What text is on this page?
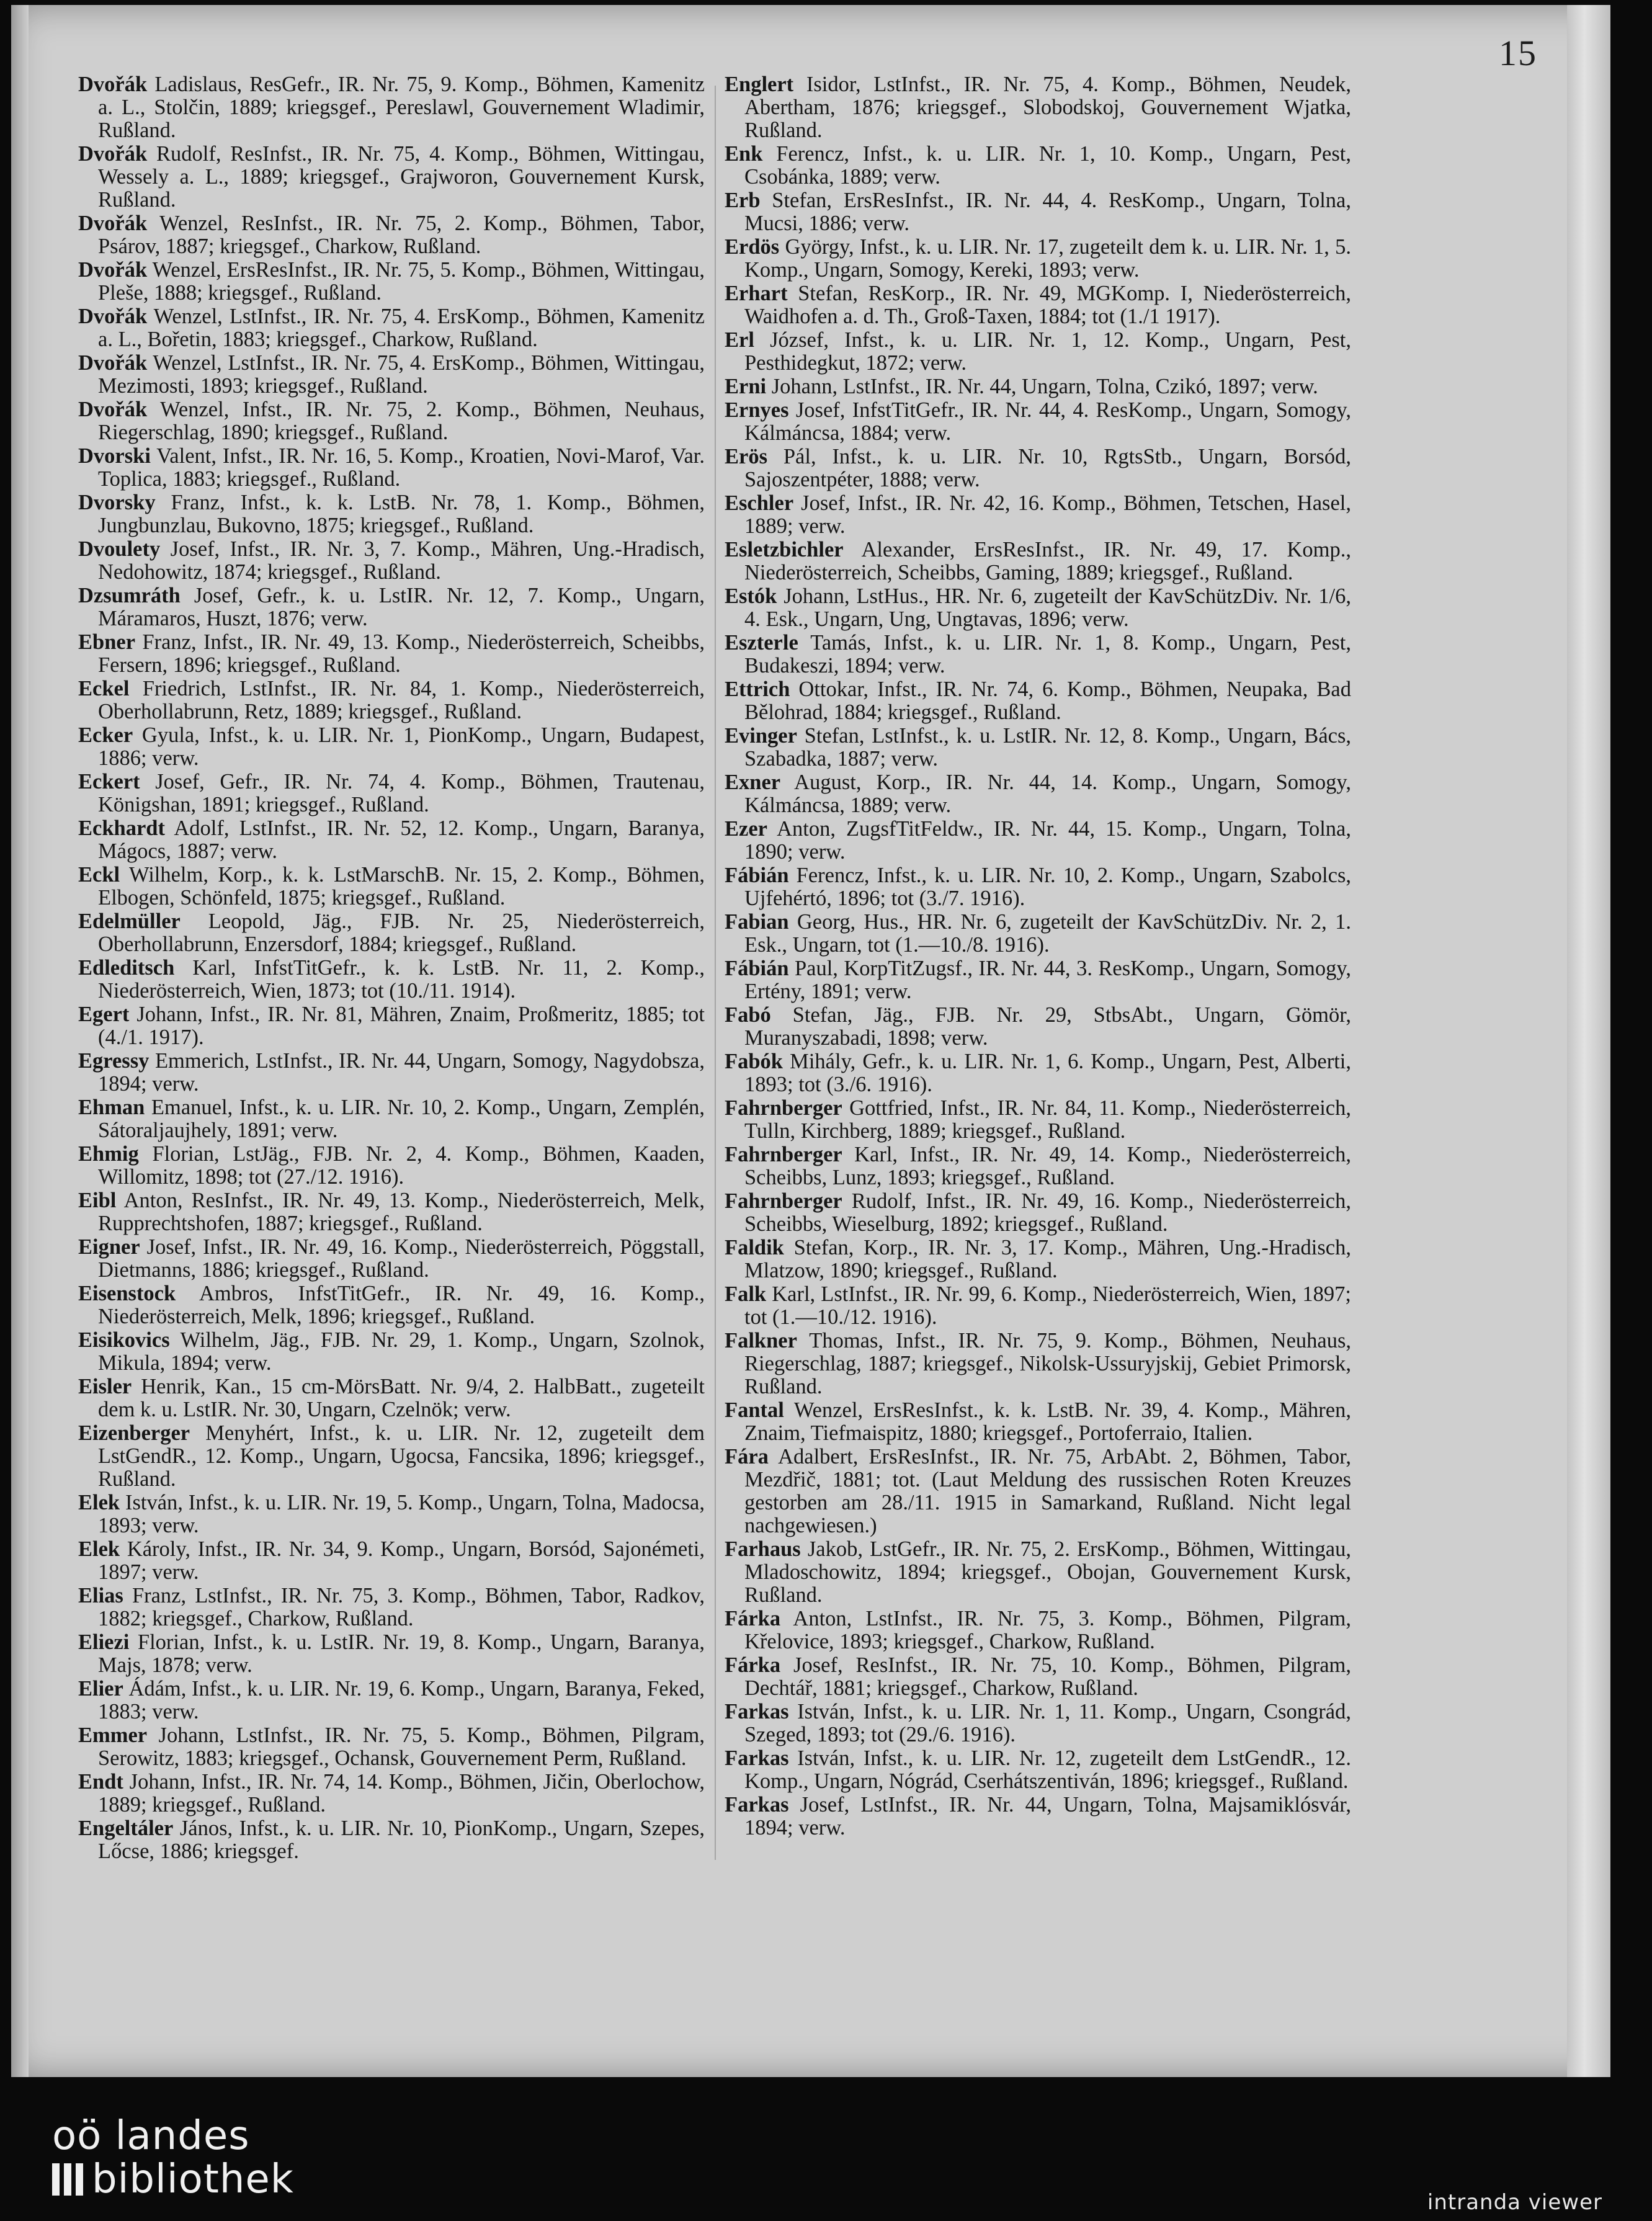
15
Dvořák Ladislaus, ResGefr., IR. Nr. 75, 9. Komp., Böhmen, Kamenitz a. L., Stolčin, 1889; kriegsgef., Pereslawl, Gouvernement Wladimir, Rußland.
Dvořák Rudolf, ResInfst., IR. Nr. 75, 4. Komp., Böhmen, Wittingau, Wessely a. L., 1889; kriegsgef., Grajworon, Gouvernement Kursk, Rußland.
Dvořák Wenzel, ResInfst., IR. Nr. 75, 2. Komp., Böhmen, Tabor, Psárov, 1887; kriegsgef., Charkow, Rußland.
Dvořák Wenzel, ErsResInfst., IR. Nr. 75, 5. Komp., Böhmen, Wittingau, Pleše, 1888; kriegsgef., Rußland.
Dvořák Wenzel, LstInfst., IR. Nr. 75, 4. ErsKomp., Böhmen, Kamenitz a. L., Bořetin, 1883; kriegsgef., Charkow, Rußland.
Dvořák Wenzel, LstInfst., IR. Nr. 75, 4. ErsKomp., Böhmen, Wittingau, Mezimosti, 1893; kriegsgef., Rußland.
Dvořák Wenzel, Infst., IR. Nr. 75, 2. Komp., Böhmen, Neuhaus, Riegerschlag, 1890; kriegsgef., Rußland.
Dvorski Valent, Infst., IR. Nr. 16, 5. Komp., Kroatien, Novi-Marof, Var. Toplica, 1883; kriegsgef., Rußland.
Dvorsky Franz, Infst., k. k. LstB. Nr. 78, 1. Komp., Böhmen, Jungbunzlau, Bukovno, 1875; kriegsgef., Rußland.
Dvoulety Josef, Infst., IR. Nr. 3, 7. Komp., Mähren, Ung.-Hradisch, Nedohowitz, 1874; kriegsgef., Rußland.
Dzsumráth Josef, Gefr., k. u. LstIR. Nr. 12, 7. Komp., Ungarn, Máramaros, Huszt, 1876; verw.
Ebner Franz, Infst., IR. Nr. 49, 13. Komp., Niederösterreich, Scheibbs, Fersern, 1896; kriegsgef., Rußland.
Eckel Friedrich, LstInfst., IR. Nr. 84, 1. Komp., Niederösterreich, Oberhollabrunn, Retz, 1889; kriegsgef., Rußland.
Ecker Gyula, Infst., k. u. LIR. Nr. 1, PionKomp., Ungarn, Budapest, 1886; verw.
Eckert Josef, Gefr., IR. Nr. 74, 4. Komp., Böhmen, Trautenau, Königshan, 1891; kriegsgef., Rußland.
Eckhardt Adolf, LstInfst., IR. Nr. 52, 12. Komp., Ungarn, Baranya, Mágocs, 1887; verw.
Eckl Wilhelm, Korp., k. k. LstMarschB. Nr. 15, 2. Komp., Böhmen, Elbogen, Schönfeld, 1875; kriegsgef., Rußland.
Edelmüller Leopold, Jäg., FJB. Nr. 25, Niederösterreich, Oberhollabrunn, Enzersdorf, 1884; kriegsgef., Rußland.
Edleditsch Karl, InfstTitGefr., k. k. LstB. Nr. 11, 2. Komp., Niederösterreich, Wien, 1873; tot (10./11. 1914).
Egert Johann, Infst., IR. Nr. 81, Mähren, Znaim, Proßmeritz, 1885; tot (4./1. 1917).
Egressy Emmerich, LstInfst., IR. Nr. 44, Ungarn, Somogy, Nagydobsza, 1894; verw.
Ehman Emanuel, Infst., k. u. LIR. Nr. 10, 2. Komp., Ungarn, Zemplén, Sátoraljaujhely, 1891; verw.
Ehmig Florian, LstJäg., FJB. Nr. 2, 4. Komp., Böhmen, Kaaden, Willomitz, 1898; tot (27./12. 1916).
Eibl Anton, ResInfst., IR. Nr. 49, 13. Komp., Niederösterreich, Melk, Rupprechtshofen, 1887; kriegsgef., Rußland.
Eigner Josef, Infst., IR. Nr. 49, 16. Komp., Niederösterreich, Pöggstall, Dietmanns, 1886; kriegsgef., Rußland.
Eisenstock Ambros, InfstTitGefr., IR. Nr. 49, 16. Komp., Niederösterreich, Melk, 1896; kriegsgef., Rußland.
Eisikovics Wilhelm, Jäg., FJB. Nr. 29, 1. Komp., Ungarn, Szolnok, Mikula, 1894; verw.
Eisler Henrik, Kan., 15 cm-MörsBatt. Nr. 9/4, 2. HalbBatt., zugeteilt dem k. u. LstIR. Nr. 30, Ungarn, Czelnök; verw.
Eizenberger Menyhért, Infst., k. u. LIR. Nr. 12, zugeteilt dem LstGendR., 12. Komp., Ungarn, Ugocsa, Fancsika, 1896; kriegsgef., Rußland.
Elek István, Infst., k. u. LIR. Nr. 19, 5. Komp., Ungarn, Tolna, Madocsa, 1893; verw.
Elek Károly, Infst., IR. Nr. 34, 9. Komp., Ungarn, Borsód, Sajonémeti, 1897; verw.
Elias Franz, LstInfst., IR. Nr. 75, 3. Komp., Böhmen, Tabor, Radkov, 1882; kriegsgef., Charkow, Rußland.
Eliezi Florian, Infst., k. u. LstIR. Nr. 19, 8. Komp., Ungarn, Baranya, Majs, 1878; verw.
Elier Ádám, Infst., k. u. LIR. Nr. 19, 6. Komp., Ungarn, Baranya, Feked, 1883; verw.
Emmer Johann, LstInfst., IR. Nr. 75, 5. Komp., Böhmen, Pilgram, Serowitz, 1883; kriegsgef., Ochansk, Gouvernement Perm, Rußland.
Endt Johann, Infst., IR. Nr. 74, 14. Komp., Böhmen, Jičin, Oberlochow, 1889; kriegsgef., Rußland.
Engeltáler János, Infst., k. u. LIR. Nr. 10, PionKomp., Ungarn, Szepes, Lőcse, 1886; kriegsgef.
Englert Isidor, LstInfst., IR. Nr. 75, 4. Komp., Böhmen, Neudek, Abertham, 1876; kriegsgef., Slobodskoj, Gouvernement Wjatka, Rußland.
Enk Ferencz, Infst., k. u. LIR. Nr. 1, 10. Komp., Ungarn, Pest, Csobánka, 1889; verw.
Erb Stefan, ErsResInfst., IR. Nr. 44, 4. ResKomp., Ungarn, Tolna, Mucsi, 1886; verw.
Erdös György, Infst., k. u. LIR. Nr. 17, zugeteilt dem k. u. LIR. Nr. 1, 5. Komp., Ungarn, Somogy, Kereki, 1893; verw.
Erhart Stefan, ResKorp., IR. Nr. 49, MGKomp. I, Niederösterreich, Waidhofen a. d. Th., Groß-Taxen, 1884; tot (1./1 1917).
Erl József, Infst., k. u. LIR. Nr. 1, 12. Komp., Ungarn, Pest, Pesthidegkut, 1872; verw.
Erni Johann, LstInfst., IR. Nr. 44, Ungarn, Tolna, Czikó, 1897; verw.
Ernyes Josef, InfstTitGefr., IR. Nr. 44, 4. ResKomp., Ungarn, Somogy, Kálmáncsa, 1884; verw.
Erös Pál, Infst., k. u. LIR. Nr. 10, RgtsStb., Ungarn, Borsód, Sajoszentpéter, 1888; verw.
Eschler Josef, Infst., IR. Nr. 42, 16. Komp., Böhmen, Tetschen, Hasel, 1889; verw.
Esletzbichler Alexander, ErsResInfst., IR. Nr. 49, 17. Komp., Niederösterreich, Scheibbs, Gaming, 1889; kriegsgef., Rußland.
Estók Johann, LstHus., HR. Nr. 6, zugeteilt der KavSchützDiv. Nr. 1/6, 4. Esk., Ungarn, Ung, Ungtavas, 1896; verw.
Eszterle Tamás, Infst., k. u. LIR. Nr. 1, 8. Komp., Ungarn, Pest, Budakeszi, 1894; verw.
Ettrich Ottokar, Infst., IR. Nr. 74, 6. Komp., Böhmen, Neupaka, Bad Bělohrad, 1884; kriegsgef., Rußland.
Evinger Stefan, LstInfst., k. u. LstIR. Nr. 12, 8. Komp., Ungarn, Bács, Szabadka, 1887; verw.
Exner August, Korp., IR. Nr. 44, 14. Komp., Ungarn, Somogy, Kálmáncsa, 1889; verw.
Ezer Anton, ZugsfTitFeldw., IR. Nr. 44, 15. Komp., Ungarn, Tolna, 1890; verw.
Fábián Ferencz, Infst., k. u. LIR. Nr. 10, 2. Komp., Ungarn, Szabolcs, Ujfehértó, 1896; tot (3./7. 1916).
Fabian Georg, Hus., HR. Nr. 6, zugeteilt der KavSchützDiv. Nr. 2, 1. Esk., Ungarn, tot (1.—10./8. 1916).
Fábián Paul, KorpTitZugsf., IR. Nr. 44, 3. ResKomp., Ungarn, Somogy, Ertény, 1891; verw.
Fabó Stefan, Jäg., FJB. Nr. 29, StbsAbt., Ungarn, Gömör, Muranyszabadi, 1898; verw.
Fabók Mihály, Gefr., k. u. LIR. Nr. 1, 6. Komp., Ungarn, Pest, Alberti, 1893; tot (3./6. 1916).
Fahrnberger Gottfried, Infst., IR. Nr. 84, 11. Komp., Niederösterreich, Tulln, Kirchberg, 1889; kriegsgef., Rußland.
Fahrnberger Karl, Infst., IR. Nr. 49, 14. Komp., Niederösterreich, Scheibbs, Lunz, 1893; kriegsgef., Rußland.
Fahrnberger Rudolf, Infst., IR. Nr. 49, 16. Komp., Niederösterreich, Scheibbs, Wieselburg, 1892; kriegsgef., Rußland.
Faldik Stefan, Korp., IR. Nr. 3, 17. Komp., Mähren, Ung.-Hradisch, Mlatzow, 1890; kriegsgef., Rußland.
Falk Karl, LstInfst., IR. Nr. 99, 6. Komp., Niederösterreich, Wien, 1897; tot (1.—10./12. 1916).
Falkner Thomas, Infst., IR. Nr. 75, 9. Komp., Böhmen, Neuhaus, Riegerschlag, 1887; kriegsgef., Nikolsk-Ussuryjskij, Gebiet Primorsk, Rußland.
Fantal Wenzel, ErsResInfst., k. k. LstB. Nr. 39, 4. Komp., Mähren, Znaim, Tiefmaispitz, 1880; kriegsgef., Portoferraio, Italien.
Fára Adalbert, ErsResInfst., IR. Nr. 75, ArbAbt. 2, Böhmen, Tabor, Mezdřič, 1881; tot. (Laut Meldung des russischen Roten Kreuzes gestorben am 28./11. 1915 in Samarkand, Rußland. Nicht legal nachgewiesen.)
Farhaus Jakob, LstGefr., IR. Nr. 75, 2. ErsKomp., Böhmen, Wittingau, Mladoschowitz, 1894; kriegsgef., Obojan, Gouvernement Kursk, Rußland.
Fárka Anton, LstInfst., IR. Nr. 75, 3. Komp., Böhmen, Pilgram, Křelovice, 1893; kriegsgef., Charkow, Rußland.
Fárka Josef, ResInfst., IR. Nr. 75, 10. Komp., Böhmen, Pilgram, Dechtář, 1881; kriegsgef., Charkow, Rußland.
Farkas István, Infst., k. u. LIR. Nr. 1, 11. Komp., Ungarn, Csongrád, Szeged, 1893; tot (29./6. 1916).
Farkas István, Infst., k. u. LIR. Nr. 12, zugeteilt dem LstGendR., 12. Komp., Ungarn, Nógrád, Cserhátszentiván, 1896; kriegsgef., Rußland.
Farkas Josef, LstInfst., IR. Nr. 44, Ungarn, Tolna, Majsamiklósvár, 1894; verw.
oö landes
bibliothek	intranda viewer
